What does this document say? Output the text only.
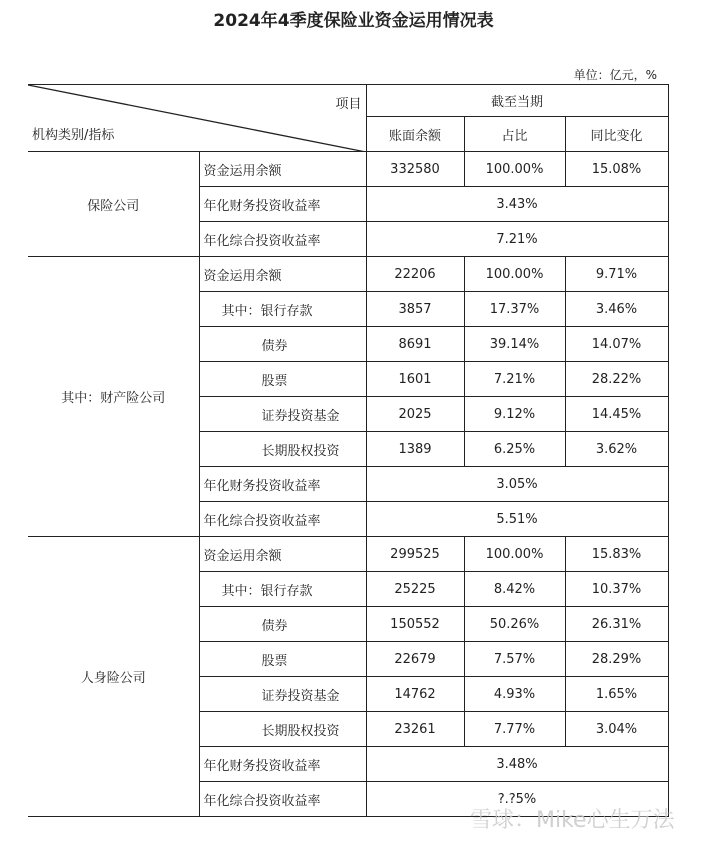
2024年4季度保险业资金运用情况表
单位：亿元，%
项目
机构类别/指标		截至当期		
		账面余额	占比	同比变化
保险公司	资金运用余额	332580	100.00%	15.08%
	年化财务投资收益率	3.43%		
	年化综合投资收益率	7.21%		
其中：财产险公司	资金运用余额	22206	100.00%	9.71%
	其中：银行存款	3857	17.37%	3.46%
	债券	8691	39.14%	14.07%
	股票	1601	7.21%	28.22%
	证券投资基金	2025	9.12%	14.45%
	长期股权投资	1389	6.25%	3.62%
	年化财务投资收益率	3.05%		
	年化综合投资收益率	5.51%		
人身险公司	资金运用余额	299525	100.00%	15.83%
	其中：银行存款	25225	8.42%	10.37%
	债券	150552	50.26%	26.31%
	股票	22679	7.57%	28.29%
	证券投资基金	14762	4.93%	1.65%
	长期股权投资	23261	7.77%	3.04%
	年化财务投资收益率	3.48%		
	年化综合投资收益率	?.?5%		
雪球：Mike心生万法
